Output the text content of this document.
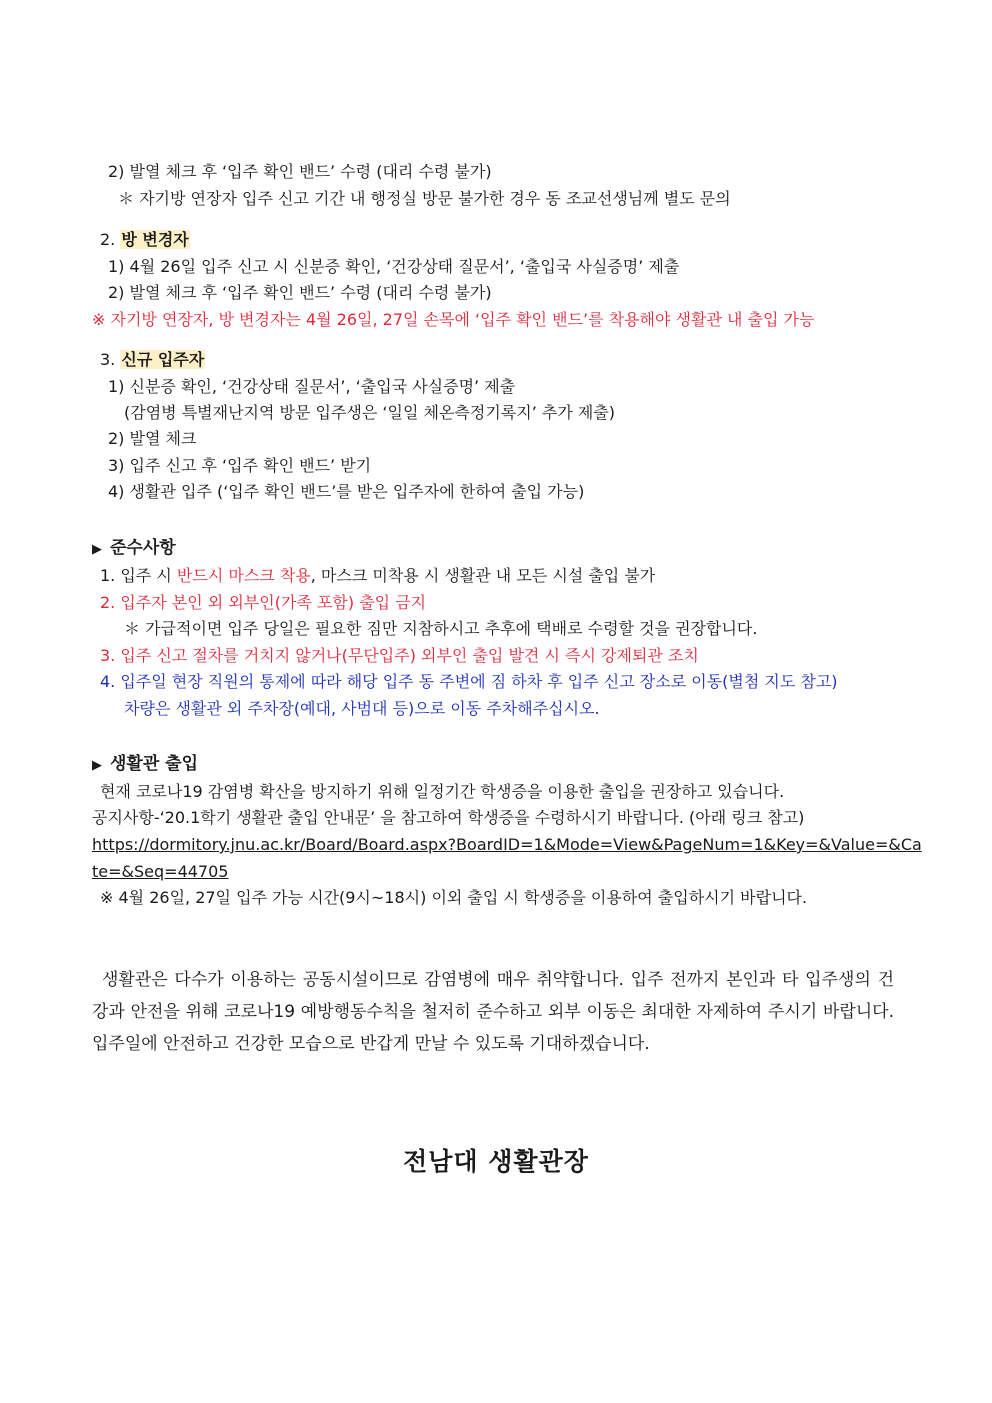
2) 발열 체크 후 ‘입주 확인 밴드’ 수령 (대리 수령 불가)
＊ 자기방 연장자 입주 신고 기간 내 행정실 방문 불가한 경우 동 조교선생님께 별도 문의
2. 방 변경자
1) 4월 26일 입주 신고 시 신분증 확인, ‘건강상태 질문서’, ‘출입국 사실증명’ 제출
2) 발열 체크 후 ‘입주 확인 밴드’ 수령 (대리 수령 불가)
※ 자기방 연장자, 방 변경자는 4월 26일, 27일 손목에 ‘입주 확인 밴드’를 착용해야 생활관 내 출입 가능
3. 신규 입주자
1) 신분증 확인, ‘건강상태 질문서’, ‘출입국 사실증명’ 제출
(감염병 특별재난지역 방문 입주생은 ‘일일 체온측정기록지’ 추가 제출)
2) 발열 체크
3) 입주 신고 후 ‘입주 확인 밴드’ 받기
4) 생활관 입주 (‘입주 확인 밴드’를 받은 입주자에 한하여 출입 가능)
▶ 준수사항
1. 입주 시 반드시 마스크 착용, 마스크 미착용 시 생활관 내 모든 시설 출입 불가
2. 입주자 본인 외 외부인(가족 포함) 출입 금지
＊ 가급적이면 입주 당일은 필요한 짐만 지참하시고 추후에 택배로 수령할 것을 권장합니다.
3. 입주 신고 절차를 거치지 않거나(무단입주) 외부인 출입 발견 시 즉시 강제퇴관 조치
4. 입주일 현장 직원의 통제에 따라 해당 입주 동 주변에 짐 하차 후 입주 신고 장소로 이동(별첨 지도 참고)
차량은 생활관 외 주차장(예대, 사범대 등)으로 이동 주차해주십시오.
▶ 생활관 출입
현재 코로나19 감염병 확산을 방지하기 위해 일정기간 학생증을 이용한 출입을 권장하고 있습니다.
공지사항-‘20.1학기 생활관 출입 안내문’ 을 참고하여 학생증을 수령하시기 바랍니다. (아래 링크 참고)
https://dormitory.jnu.ac.kr/Board/Board.aspx?BoardID=1&Mode=View&PageNum=1&Key=&Value=&Ca
te=&Seq=44705
※ 4월 26일, 27일 입주 가능 시간(9시~18시) 이외 출입 시 학생증을 이용하여 출입하시기 바랍니다.
생활관은 다수가 이용하는 공동시설이므로 감염병에 매우 취약합니다. 입주 전까지 본인과 타 입주생의 건강과 안전을 위해 코로나19 예방행동수칙을 철저히 준수하고 외부 이동은 최대한 자제하여 주시기 바랍니다. 입주일에 안전하고 건강한 모습으로 반갑게 만날 수 있도록 기대하겠습니다.
전남대 생활관장
